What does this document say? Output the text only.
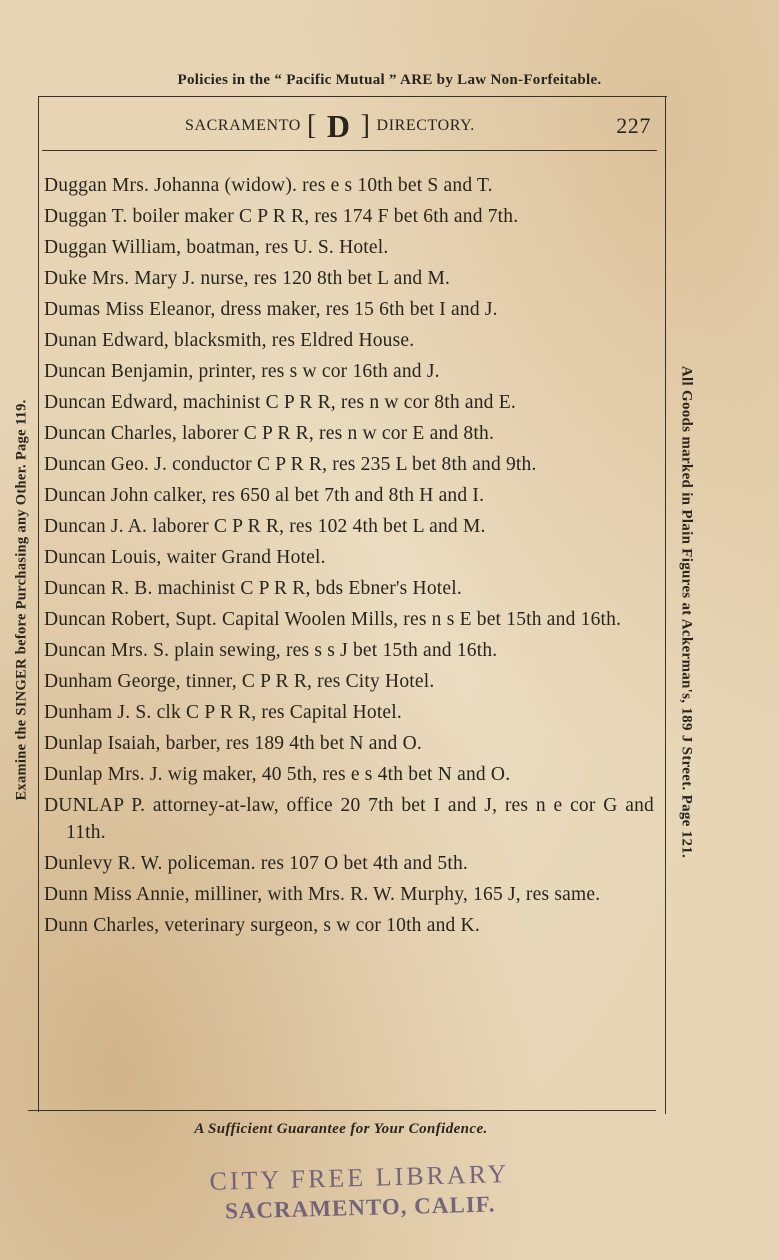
Policies in the “ Pacific Mutual ” ARE by Law Non-Forfeitable.
SACRAMENTO [ D ] DIRECTORY.	227
Examine the SINGER before Purchasing any Other. Page 119.	All Goods marked in Plain Figures at Ackerman's, 189 J Street. Page 121.
Duggan Mrs. Johanna (widow). res e s 10th bet S and T.
Duggan T. boiler maker C P R R, res 174 F bet 6th and 7th.
Duggan William, boatman, res U. S. Hotel.
Duke Mrs. Mary J. nurse, res 120 8th bet L and M.
Dumas Miss Eleanor, dress maker, res 15 6th bet I and J.
Dunan Edward, blacksmith, res Eldred House.
Duncan Benjamin, printer, res s w cor 16th and J.
Duncan Edward, machinist C P R R, res n w cor 8th and E.
Duncan Charles, laborer C P R R, res n w cor E and 8th.
Duncan Geo. J. conductor C P R R, res 235 L bet 8th and 9th.
Duncan John calker, res 650 al bet 7th and 8th H and I.
Duncan J. A. laborer C P R R, res 102 4th bet L and M.
Duncan Louis, waiter Grand Hotel.
Duncan R. B. machinist C P R R, bds Ebner's Hotel.
Duncan Robert, Supt. Capital Woolen Mills, res n s E bet 15th and 16th.
Duncan Mrs. S. plain sewing, res s s J bet 15th and 16th.
Dunham George, tinner, C P R R, res City Hotel.
Dunham J. S. clk C P R R, res Capital Hotel.
Dunlap Isaiah, barber, res 189 4th bet N and O.
Dunlap Mrs. J. wig maker, 40 5th, res e s 4th bet N and O.
DUNLAP P. attorney-at-law, office 20 7th bet I and J, res n e cor G and 11th.
Dunlevy R. W. policeman. res 107 O bet 4th and 5th.
Dunn Miss Annie, milliner, with Mrs. R. W. Murphy, 165 J, res same.
Dunn Charles, veterinary surgeon, s w cor 10th and K.
A Sufficient Guarantee for Your Confidence.
CITY FREE LIBRARY
SACRAMENTO, CALIF.
